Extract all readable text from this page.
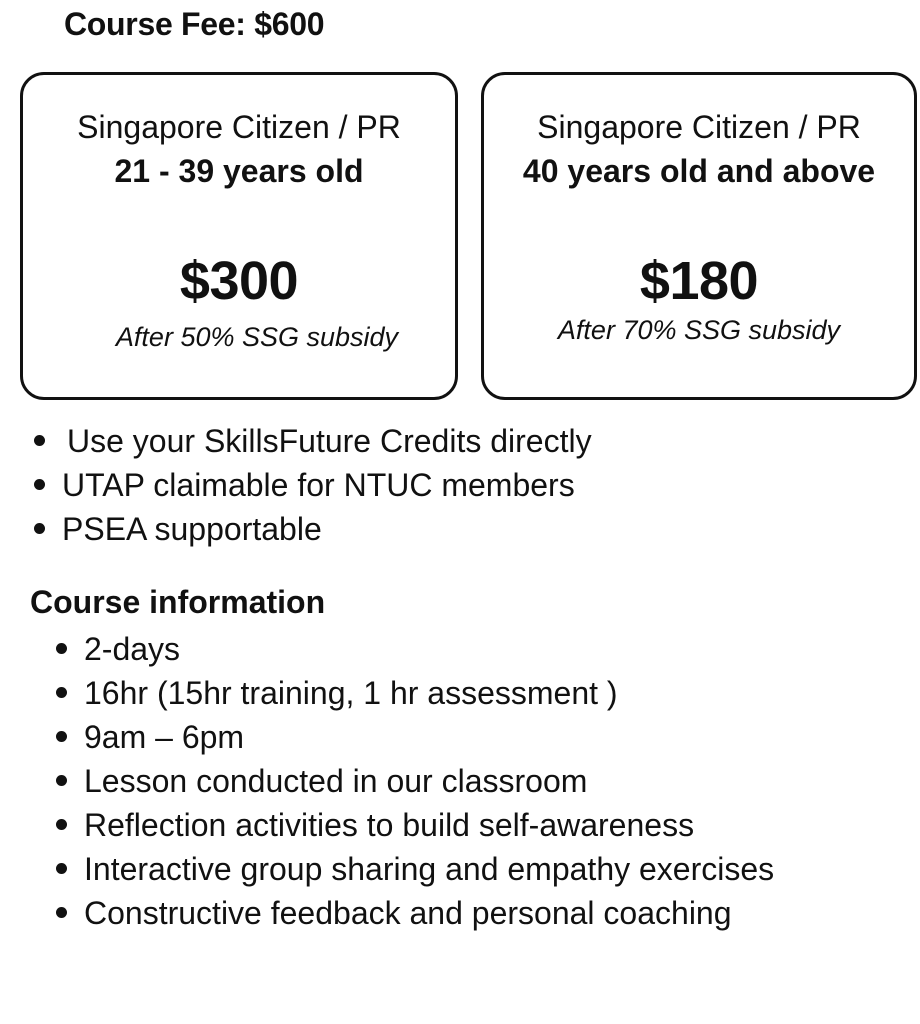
Course Fee: $600
Singapore Citizen / PR
21 - 39 years old
$300
After 50% SSG subsidy
Singapore Citizen / PR
40 years old and above
$180
After 70% SSG subsidy
Use your SkillsFuture Credits directly
UTAP claimable for NTUC members
PSEA supportable
Course information
2-days
16hr (15hr training, 1 hr assessment )
9am – 6pm
Lesson conducted in our classroom
Reflection activities to build self-awareness
Interactive group sharing and empathy exercises
Constructive feedback and personal coaching
